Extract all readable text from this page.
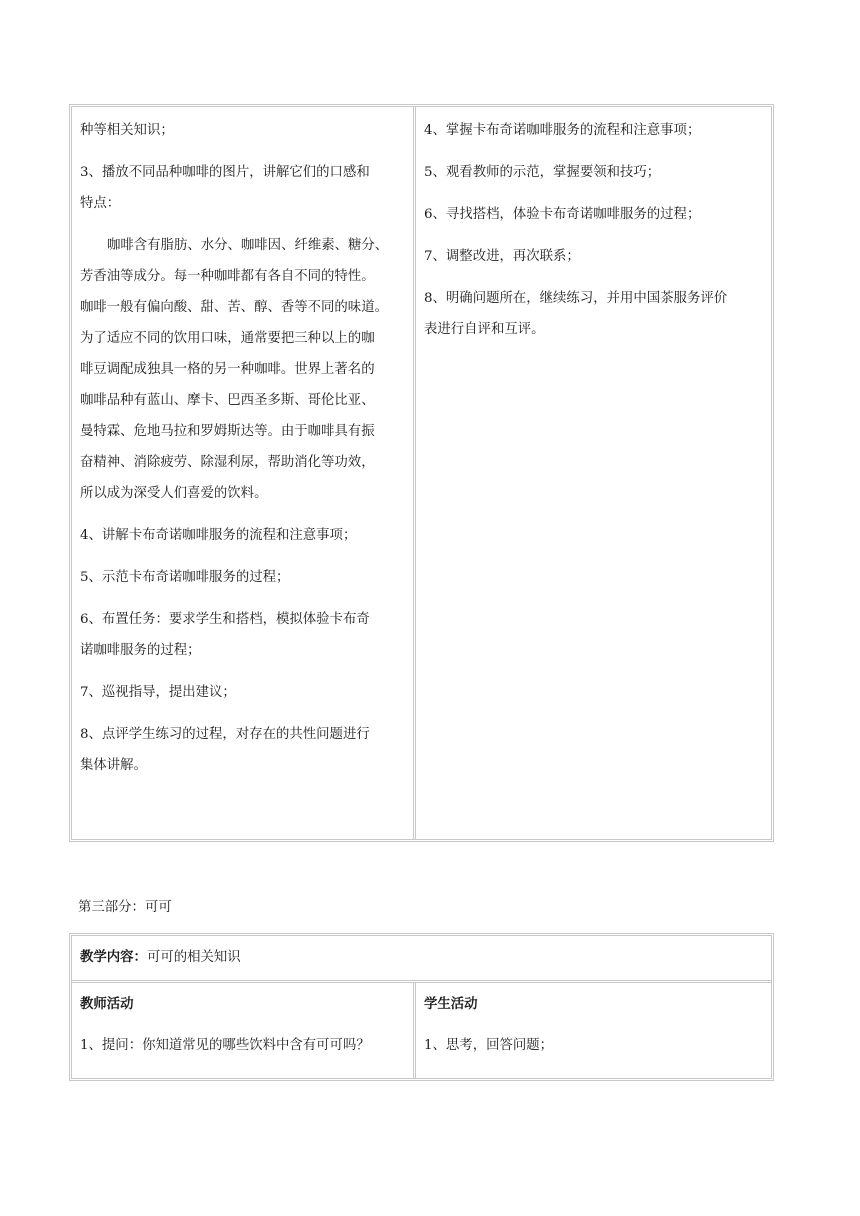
种等相关知识；
3、播放不同品种咖啡的图片，讲解它们的口感和
特点：
咖啡含有脂肪、水分、咖啡因、纤维素、糖分、
芳香油等成分。每一种咖啡都有各自不同的特性。
咖啡一般有偏向酸、甜、苦、醇、香等不同的味道。
为了适应不同的饮用口味，通常要把三种以上的咖
啡豆调配成独具一格的另一种咖啡。世界上著名的
咖啡品种有蓝山、摩卡、巴西圣多斯、哥伦比亚、
曼特霖、危地马拉和罗姆斯达等。由于咖啡具有振
奋精神、消除疲劳、除湿利尿，帮助消化等功效，
所以成为深受人们喜爱的饮料。
4、讲解卡布奇诺咖啡服务的流程和注意事项；
5、示范卡布奇诺咖啡服务的过程；
6、布置任务：要求学生和搭档，模拟体验卡布奇
诺咖啡服务的过程；
7、巡视指导，提出建议；
8、点评学生练习的过程，对存在的共性问题进行
集体讲解。
4、掌握卡布奇诺咖啡服务的流程和注意事项；
5、观看教师的示范，掌握要领和技巧；
6、寻找搭档，体验卡布奇诺咖啡服务的过程；
7、调整改进，再次联系；
8、明确问题所在，继续练习，并用中国茶服务评价
表进行自评和互评。
第三部分：可可
教学内容：可可的相关知识
教师活动
1、提问：你知道常见的哪些饮料中含有可可吗？
学生活动
1、思考，回答问题；
